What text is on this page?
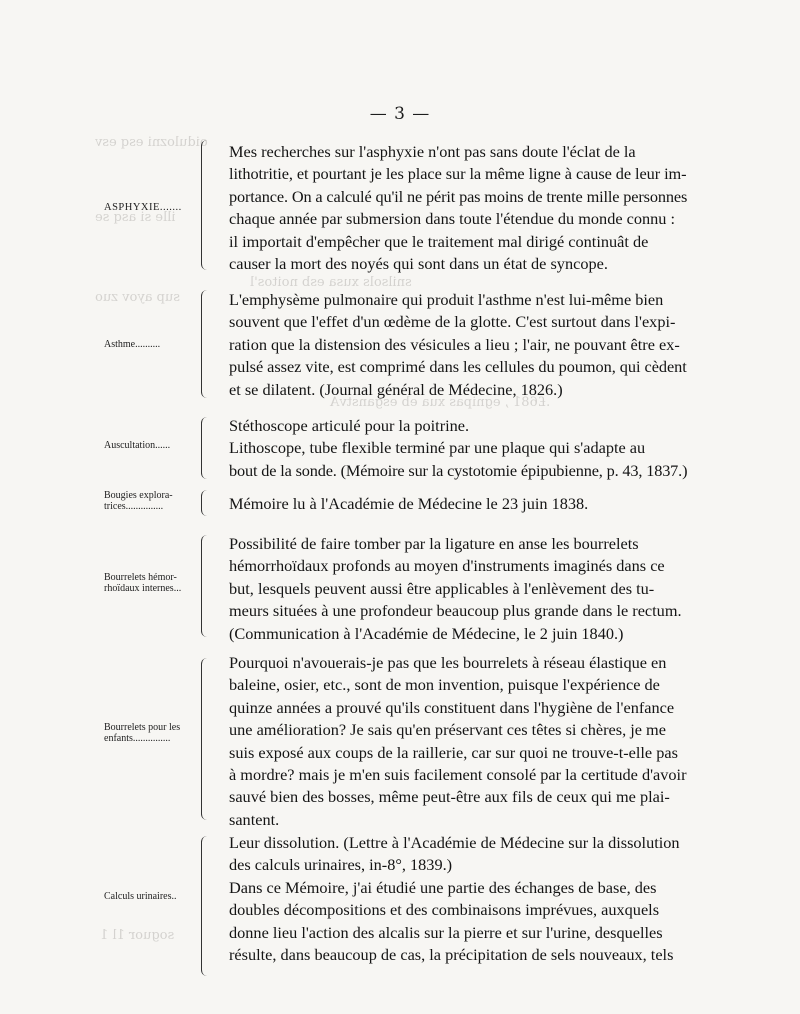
oidulozni esq esv
ille si asq se
snilsols xusa esb noitos'l
sup ayov zuo
.£681 , egnipas xua eb esganstvA
soguor 1l 1
— 3 —
ASPHYXIE.......
Mes recherches sur l'asphyxie n'ont pas sans doute l'éclat de la
lithotritie, et pourtant je les place sur la même ligne à cause de leur im-
portance. On a calculé qu'il ne périt pas moins de trente mille personnes
chaque année par submersion dans toute l'étendue du monde connu :
il importait d'empêcher que le traitement mal dirigé continuât de
causer la mort des noyés qui sont dans un état de syncope.
Asthme..........
L'emphysème pulmonaire qui produit l'asthme n'est lui-même bien
souvent que l'effet d'un œdème de la glotte. C'est surtout dans l'expi-
ration que la distension des vésicules a lieu ; l'air, ne pouvant être ex-
pulsé assez vite, est comprimé dans les cellules du poumon, qui cèdent
et se dilatent. (Journal général de Médecine, 1826.)
Auscultation......
Stéthoscope articulé pour la poitrine.
Lithoscope, tube flexible terminé par une plaque qui s'adapte au
bout de la sonde. (Mémoire sur la cystotomie épipubienne, p. 43, 1837.)
Bougies explora-trices...............	Mémoire lu à l'Académie de Médecine le 23 juin 1838.
Bourrelets hémor-rhoïdaux internes...
Possibilité de faire tomber par la ligature en anse les bourrelets
hémorrhoïdaux profonds au moyen d'instruments imaginés dans ce
but, lesquels peuvent aussi être applicables à l'enlèvement des tu-
meurs situées à une profondeur beaucoup plus grande dans le rectum.
(Communication à l'Académie de Médecine, le 2 juin 1840.)
Bourrelets pour les enfants...............
Pourquoi n'avouerais-je pas que les bourrelets à réseau élastique en
baleine, osier, etc., sont de mon invention, puisque l'expérience de
quinze années a prouvé qu'ils constituent dans l'hygiène de l'enfance
une amélioration? Je sais qu'en préservant ces têtes si chères, je me
suis exposé aux coups de la raillerie, car sur quoi ne trouve-t-elle pas
à mordre? mais je m'en suis facilement consolé par la certitude d'avoir
sauvé bien des bosses, même peut-être aux fils de ceux qui me plai-
santent.
Calculs urinaires..
Leur dissolution. (Lettre à l'Académie de Médecine sur la dissolution
des calculs urinaires, in-8°, 1839.)
Dans ce Mémoire, j'ai étudié une partie des échanges de base, des
doubles décompositions et des combinaisons imprévues, auxquels
donne lieu l'action des alcalis sur la pierre et sur l'urine, desquelles
résulte, dans beaucoup de cas, la précipitation de sels nouveaux, tels
